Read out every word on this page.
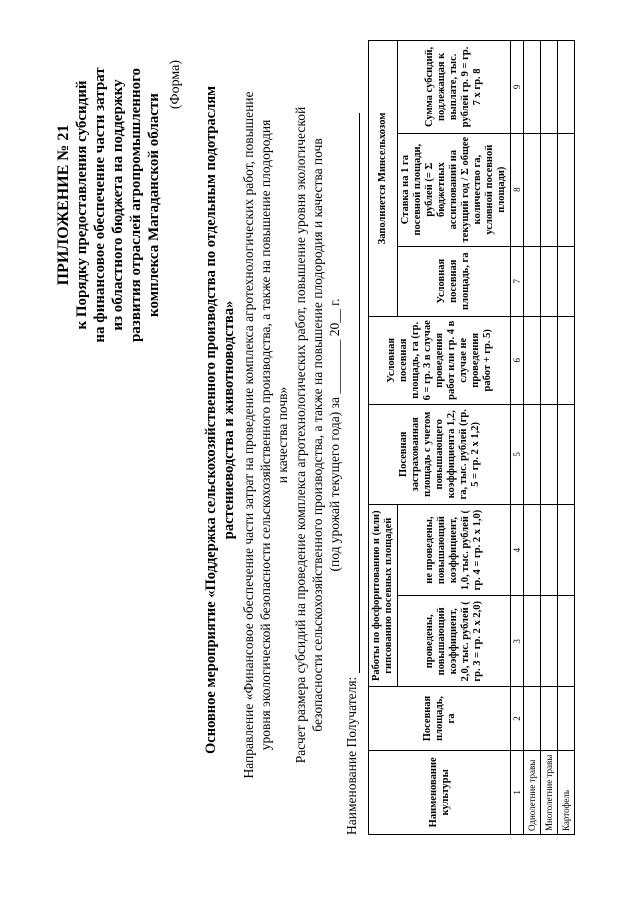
ПРИЛОЖЕНИЕ № 21 к Порядку предоставления субсидий на финансовое обеспечение части затрат из областного бюджета на поддержку развития отраслей агропромышленного комплекса Магаданской области
(Форма)
Основное мероприятие «Поддержка сельскохозяйственного производства по отдельным подотраслям растениеводства и животноводства» Направление «Финансовое обеспечение части затрат на проведение комплекса агротехнологических работ, повышение уровня экологической безопасности сельскохозяйственного производства, а также на повышение плодородия и качества почв» Расчет размера субсидий на проведение комплекса агротехнологических работ, повышение уровня экологической безопасности сельскохозяйственного производства, а также на повышение плодородия и качества почв (под урожай текущего года) за ________ 20__ г.
Наименование Получателя:	Наименование культуры	Посевная площадь, га	Работы по фосфоритованию и (или) гипсованию посевных площадей		Посевная застрахованная площадь с учетом повышающего коэффициента 1,2, га, тыс. рублей (гр. 5 = гр. 2 х 1,2)	Условная посевная площадь, га (гр. 6 = гр. 3 в случае проведения работ или гр. 4 в случае не проведения работ + гр. 5)	Заполняется Минсельхозом		
		проведены, повышающий коэффициент, 2,0, тыс. рублей ( гр. 3 = гр. 2 х 2,0)	не проведены, повышающий коэффициент, 1,0, тыс. рублей ( гр. 4 = гр. 2 х 1,0)			Условная посевная площадь, га	Ставка на 1 га посевной площади, рублей (= Σ бюджетных ассигнований на текущий год / Σ общее количество га, условной посевной площади)	Сумма субсидий, подлежащая к выплате, тыс. рублей гр. 9 = гр. 7 х гр. 8
1	2	3	4	5	6	7	8	9
Однолетние травы								
Многолетние травы								
Картофель								
